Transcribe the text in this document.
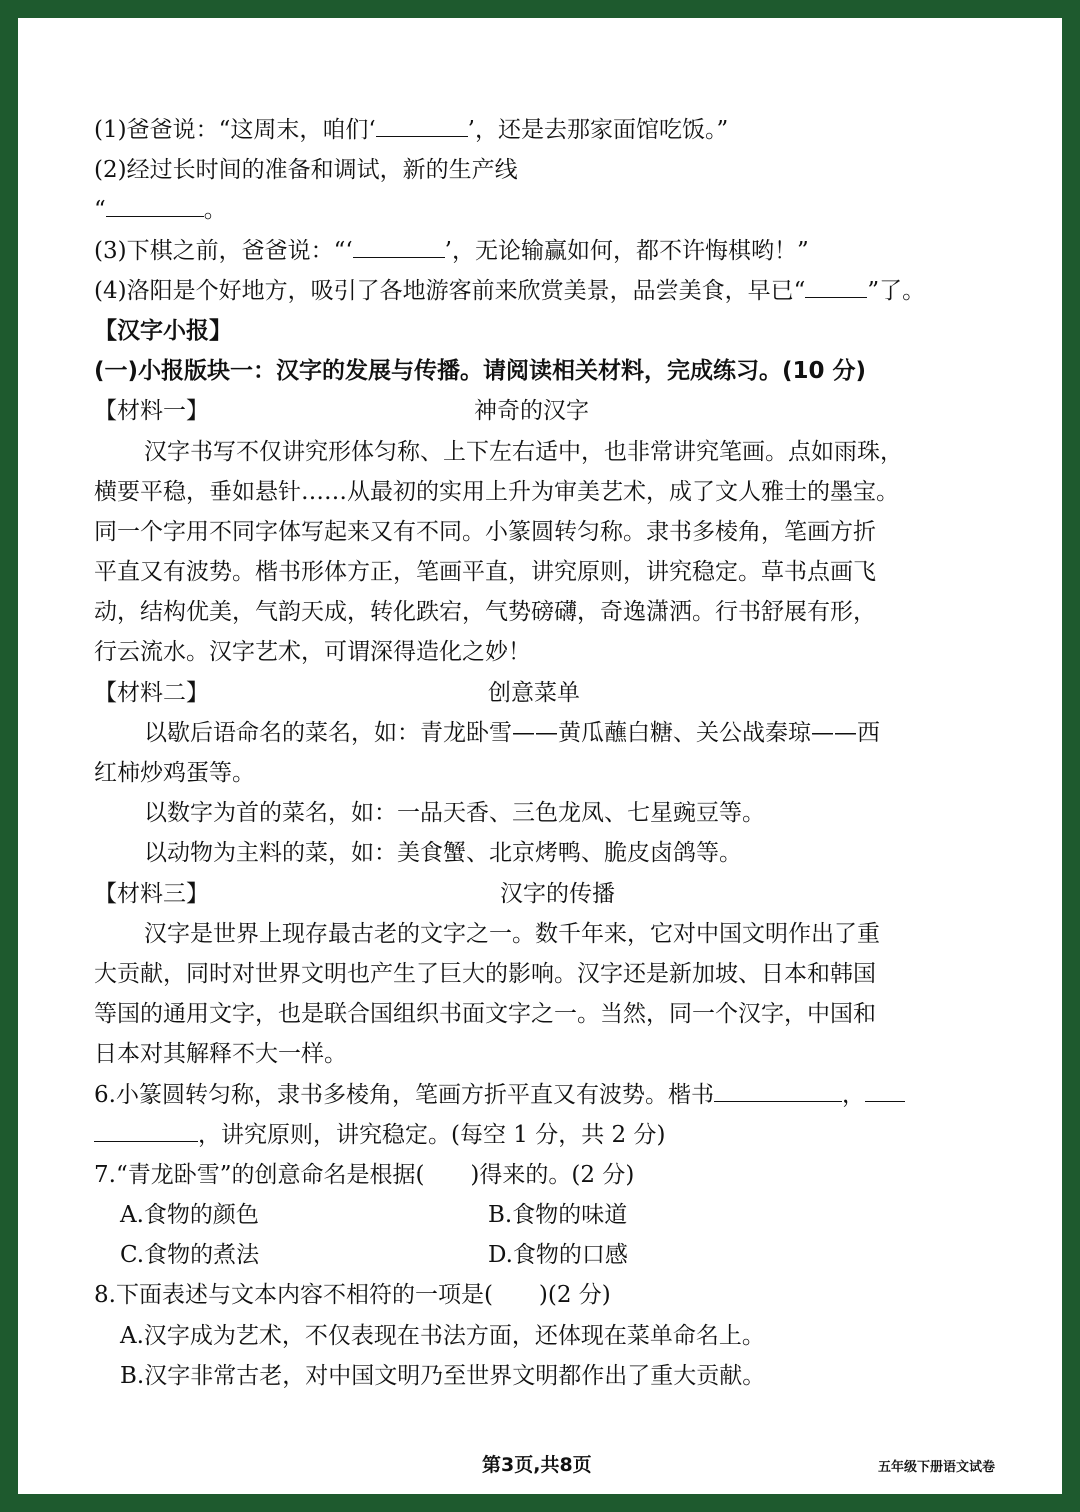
(1)爸爸说：“这周末，咱们‘	’，还是去那家面馆吃饭。”
(2)经过长时间的准备和调试，新的生产线
“	。
(3)下棋之前，爸爸说：“‘	’，无论输赢如何，都不许悔棋哟！”
(4)洛阳是个好地方，吸引了各地游客前来欣赏美景，品尝美食，早已“	”了。
【汉字小报】
(一)小报版块一：汉字的发展与传播。请阅读相关材料，完成练习。(10 分)
【材料一】	神奇的汉字
汉字书写不仅讲究形体匀称、上下左右适中，也非常讲究笔画。点如雨珠，
横要平稳，垂如悬针……从最初的实用上升为审美艺术，成了文人雅士的墨宝。
同一个字用不同字体写起来又有不同。小篆圆转匀称。隶书多棱角，笔画方折
平直又有波势。楷书形体方正，笔画平直，讲究原则，讲究稳定。草书点画飞
动，结构优美，气韵天成，转化跌宕，气势磅礴，奇逸潇洒。行书舒展有形，
行云流水。汉字艺术，可谓深得造化之妙！
【材料二】	创意菜单
以歇后语命名的菜名，如：青龙卧雪——黄瓜蘸白糖、关公战秦琼——西
红柿炒鸡蛋等。
以数字为首的菜名，如：一品天香、三色龙凤、七星豌豆等。
以动物为主料的菜，如：美食蟹、北京烤鸭、脆皮卤鸽等。
【材料三】	汉字的传播
汉字是世界上现存最古老的文字之一。数千年来，它对中国文明作出了重
大贡献，同时对世界文明也产生了巨大的影响。汉字还是新加坡、日本和韩国
等国的通用文字，也是联合国组织书面文字之一。当然，同一个汉字，中国和
日本对其解释不大一样。
6.小篆圆转匀称，隶书多棱角，笔画方折平直又有波势。楷书	，
，讲究原则，讲究稳定。(每空 1 分，共 2 分)
7.“青龙卧雪”的创意命名是根据(　　)得来的。(2 分)
A.食物的颜色	B.食物的味道
C.食物的煮法	D.食物的口感
8.下面表述与文本内容不相符的一项是(　　)(2 分)
A.汉字成为艺术，不仅表现在书法方面，还体现在菜单命名上。
B.汉字非常古老，对中国文明乃至世界文明都作出了重大贡献。
第3页,共8页	五年级下册语文试卷
